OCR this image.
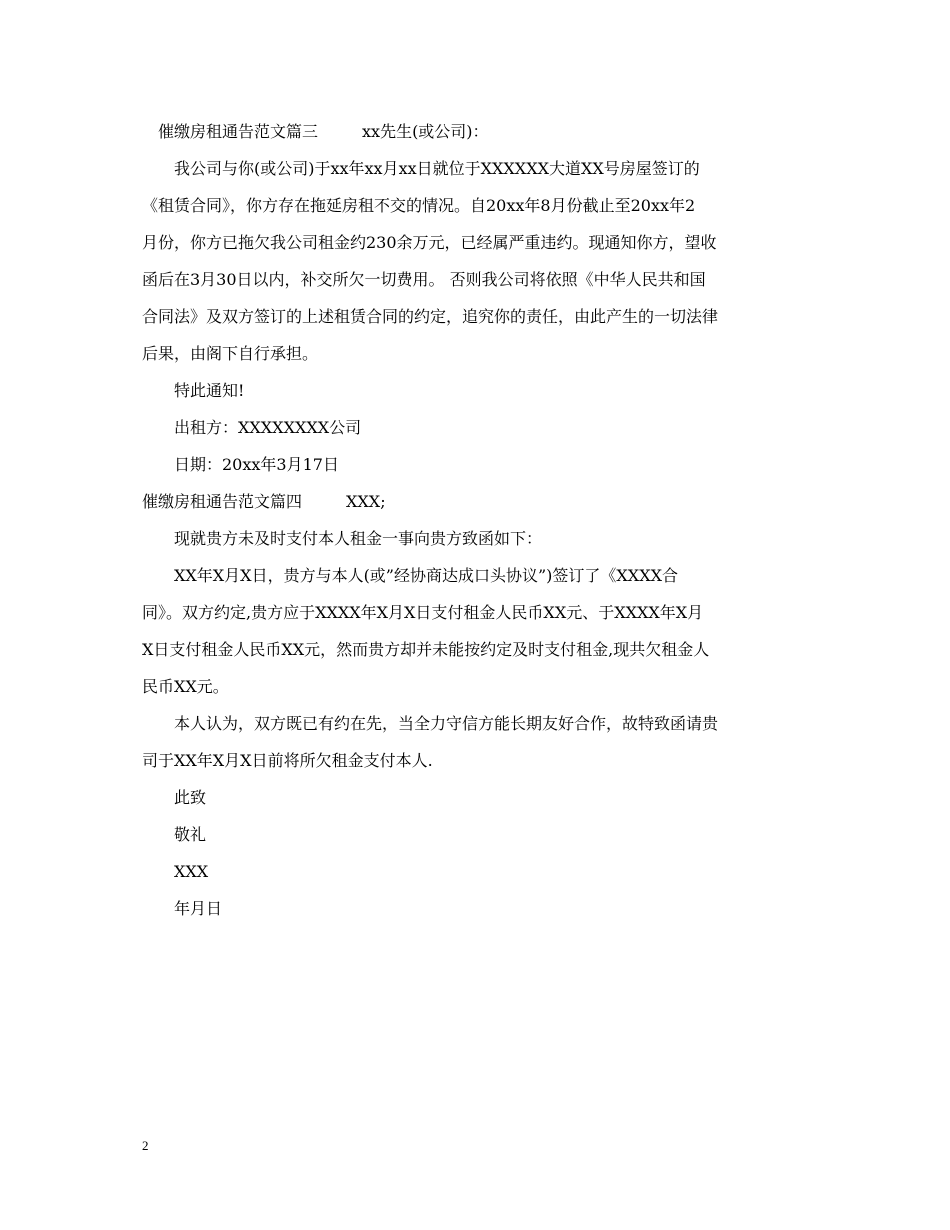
催缴房租通告范文篇三	xx先生(或公司)：
我公司与你(或公司)于xx年xx月xx日就位于XXXXXX大道XX号房屋签订的
《租赁合同》，你方存在拖延房租不交的情况。自20xx年8月份截止至20xx年2
月份，你方已拖欠我公司租金约230余万元，已经属严重违约。现通知你方，望收
函后在3月30日以内，补交所欠一切费用。 否则我公司将依照《中华人民共和国
合同法》及双方签订的上述租赁合同的约定，追究你的责任，由此产生的一切法律
后果，由阁下自行承担。
特此通知!
出租方：XXXXXXXX公司
日期：20xx年3月17日
催缴房租通告范文篇四	XXX;
现就贵方未及时支付本人租金一事向贵方致函如下：
XX年X月X日，贵方与本人(或”经协商达成口头协议”)签订了《XXXX合
同》。双方约定,贵方应于XXXX年X月X日支付租金人民币XX元、于XXXX年X月
X日支付租金人民币XX元，然而贵方却并未能按约定及时支付租金,现共欠租金人
民币XX元。
本人认为，双方既已有约在先，当全力守信方能长期友好合作，故特致函请贵
司于XX年X月X日前将所欠租金支付本人.
此致
敬礼
XXX
年月日
2
